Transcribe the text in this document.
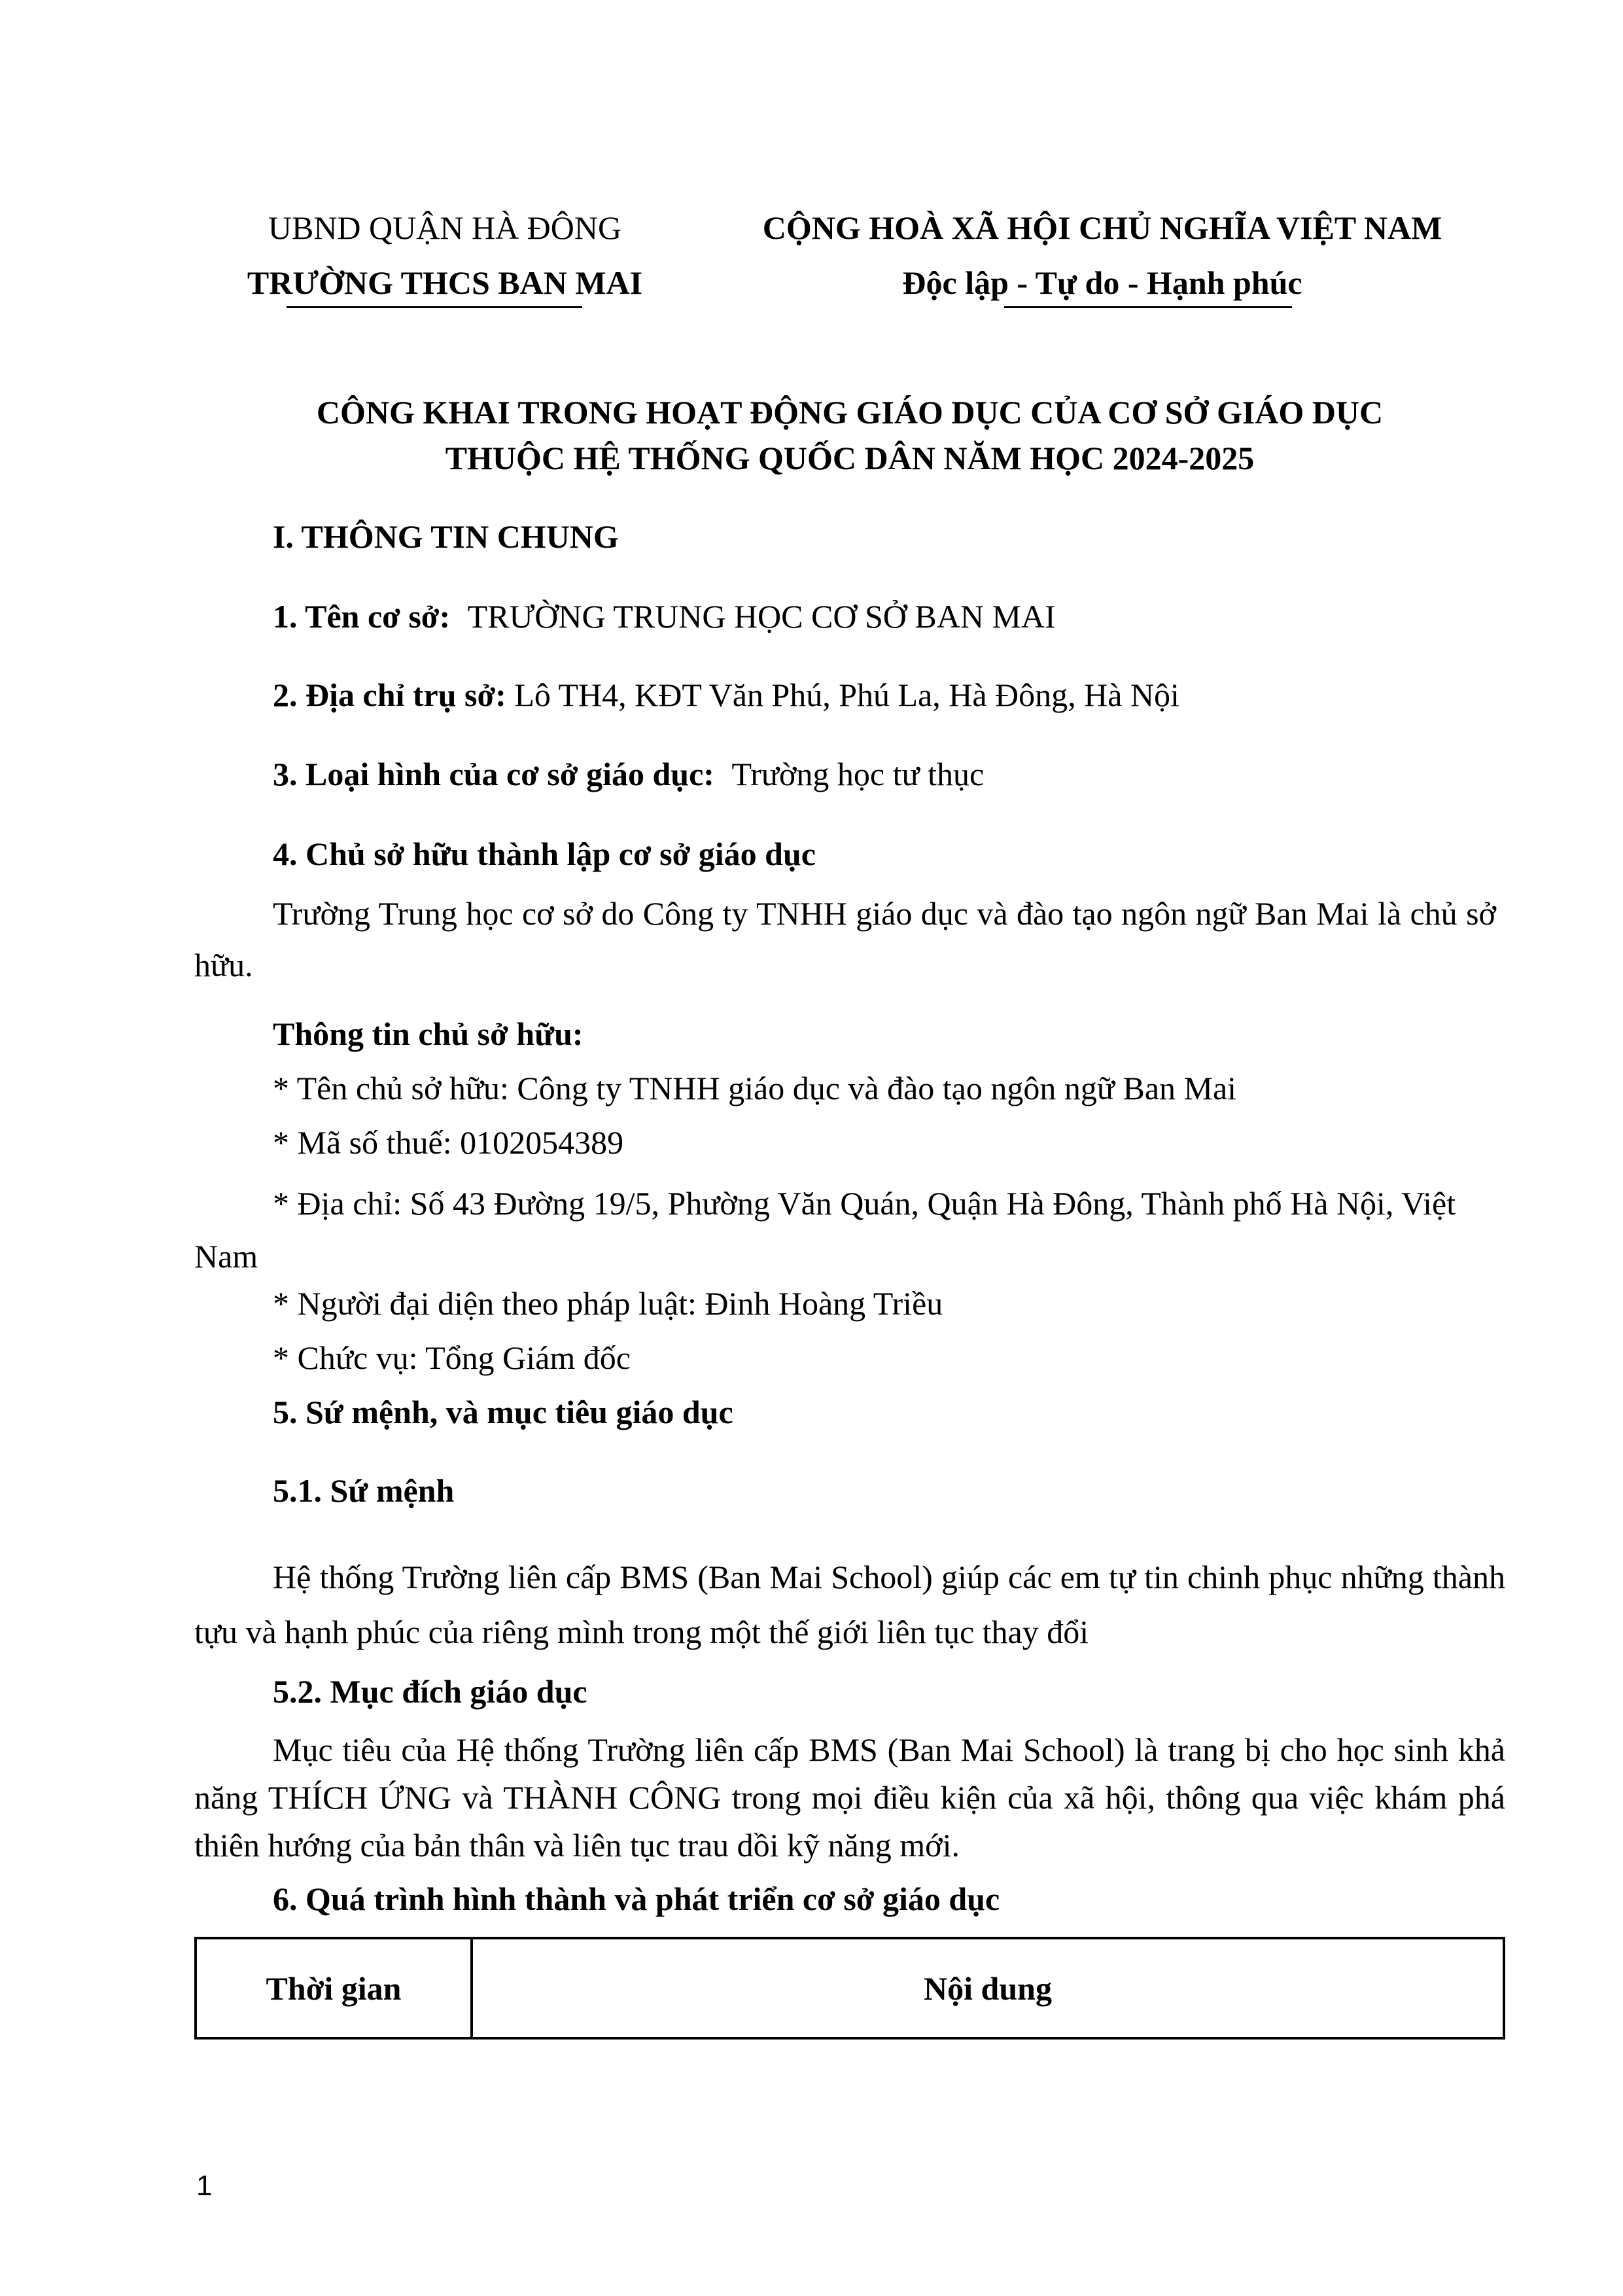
UBND QUẬN HÀ ĐÔNG

TRƯỜNG THCS BAN MAI

CỘNG HOÀ XÃ HỘI CHỦ NGHĨA VIỆT NAM

Độc lập - Tự do - Hạnh phúc

CÔNG KHAI TRONG HOẠT ĐỘNG GIÁO DỤC CỦA CƠ SỞ GIÁO DỤC

THUỘC HỆ THỐNG QUỐC DÂN NĂM HỌC 2024-2025

I. THÔNG TIN CHUNG

1. Tên cơ sở: TRƯỜNG TRUNG HỌC CƠ SỞ BAN MAI

2. Địa chỉ trụ sở: Lô TH4, KĐT Văn Phú, Phú La, Hà Đông, Hà Nội

3. Loại hình của cơ sở giáo dục: Trường học tư thục

4. Chủ sở hữu thành lập cơ sở giáo dục

Trường Trung học cơ sở do Công ty TNHH giáo dục và đào tạo ngôn ngữ Ban Mai là chủ sở hữu.

Thông tin chủ sở hữu:

* Tên chủ sở hữu: Công ty TNHH giáo dục và đào tạo ngôn ngữ Ban Mai

* Mã số thuế: 0102054389

* Địa chỉ: Số 43 Đường 19/5, Phường Văn Quán, Quận Hà Đông, Thành phố Hà Nội, Việt Nam

* Người đại diện theo pháp luật: Đinh Hoàng Triều

* Chức vụ: Tổng Giám đốc

5. Sứ mệnh, và mục tiêu giáo dục

5.1. Sứ mệnh

Hệ thống Trường liên cấp BMS (Ban Mai School) giúp các em tự tin chinh phục những thành tựu và hạnh phúc của riêng mình trong một thế giới liên tục thay đổi

5.2. Mục đích giáo dục

Mục tiêu của Hệ thống Trường liên cấp BMS (Ban Mai School) là trang bị cho học sinh khả năng THÍCH ỨNG và THÀNH CÔNG trong mọi điều kiện của xã hội, thông qua việc khám phá thiên hướng của bản thân và liên tục trau dồi kỹ năng mới.

6. Quá trình hình thành và phát triển cơ sở giáo dục

Thời gian	Nội dung

1
